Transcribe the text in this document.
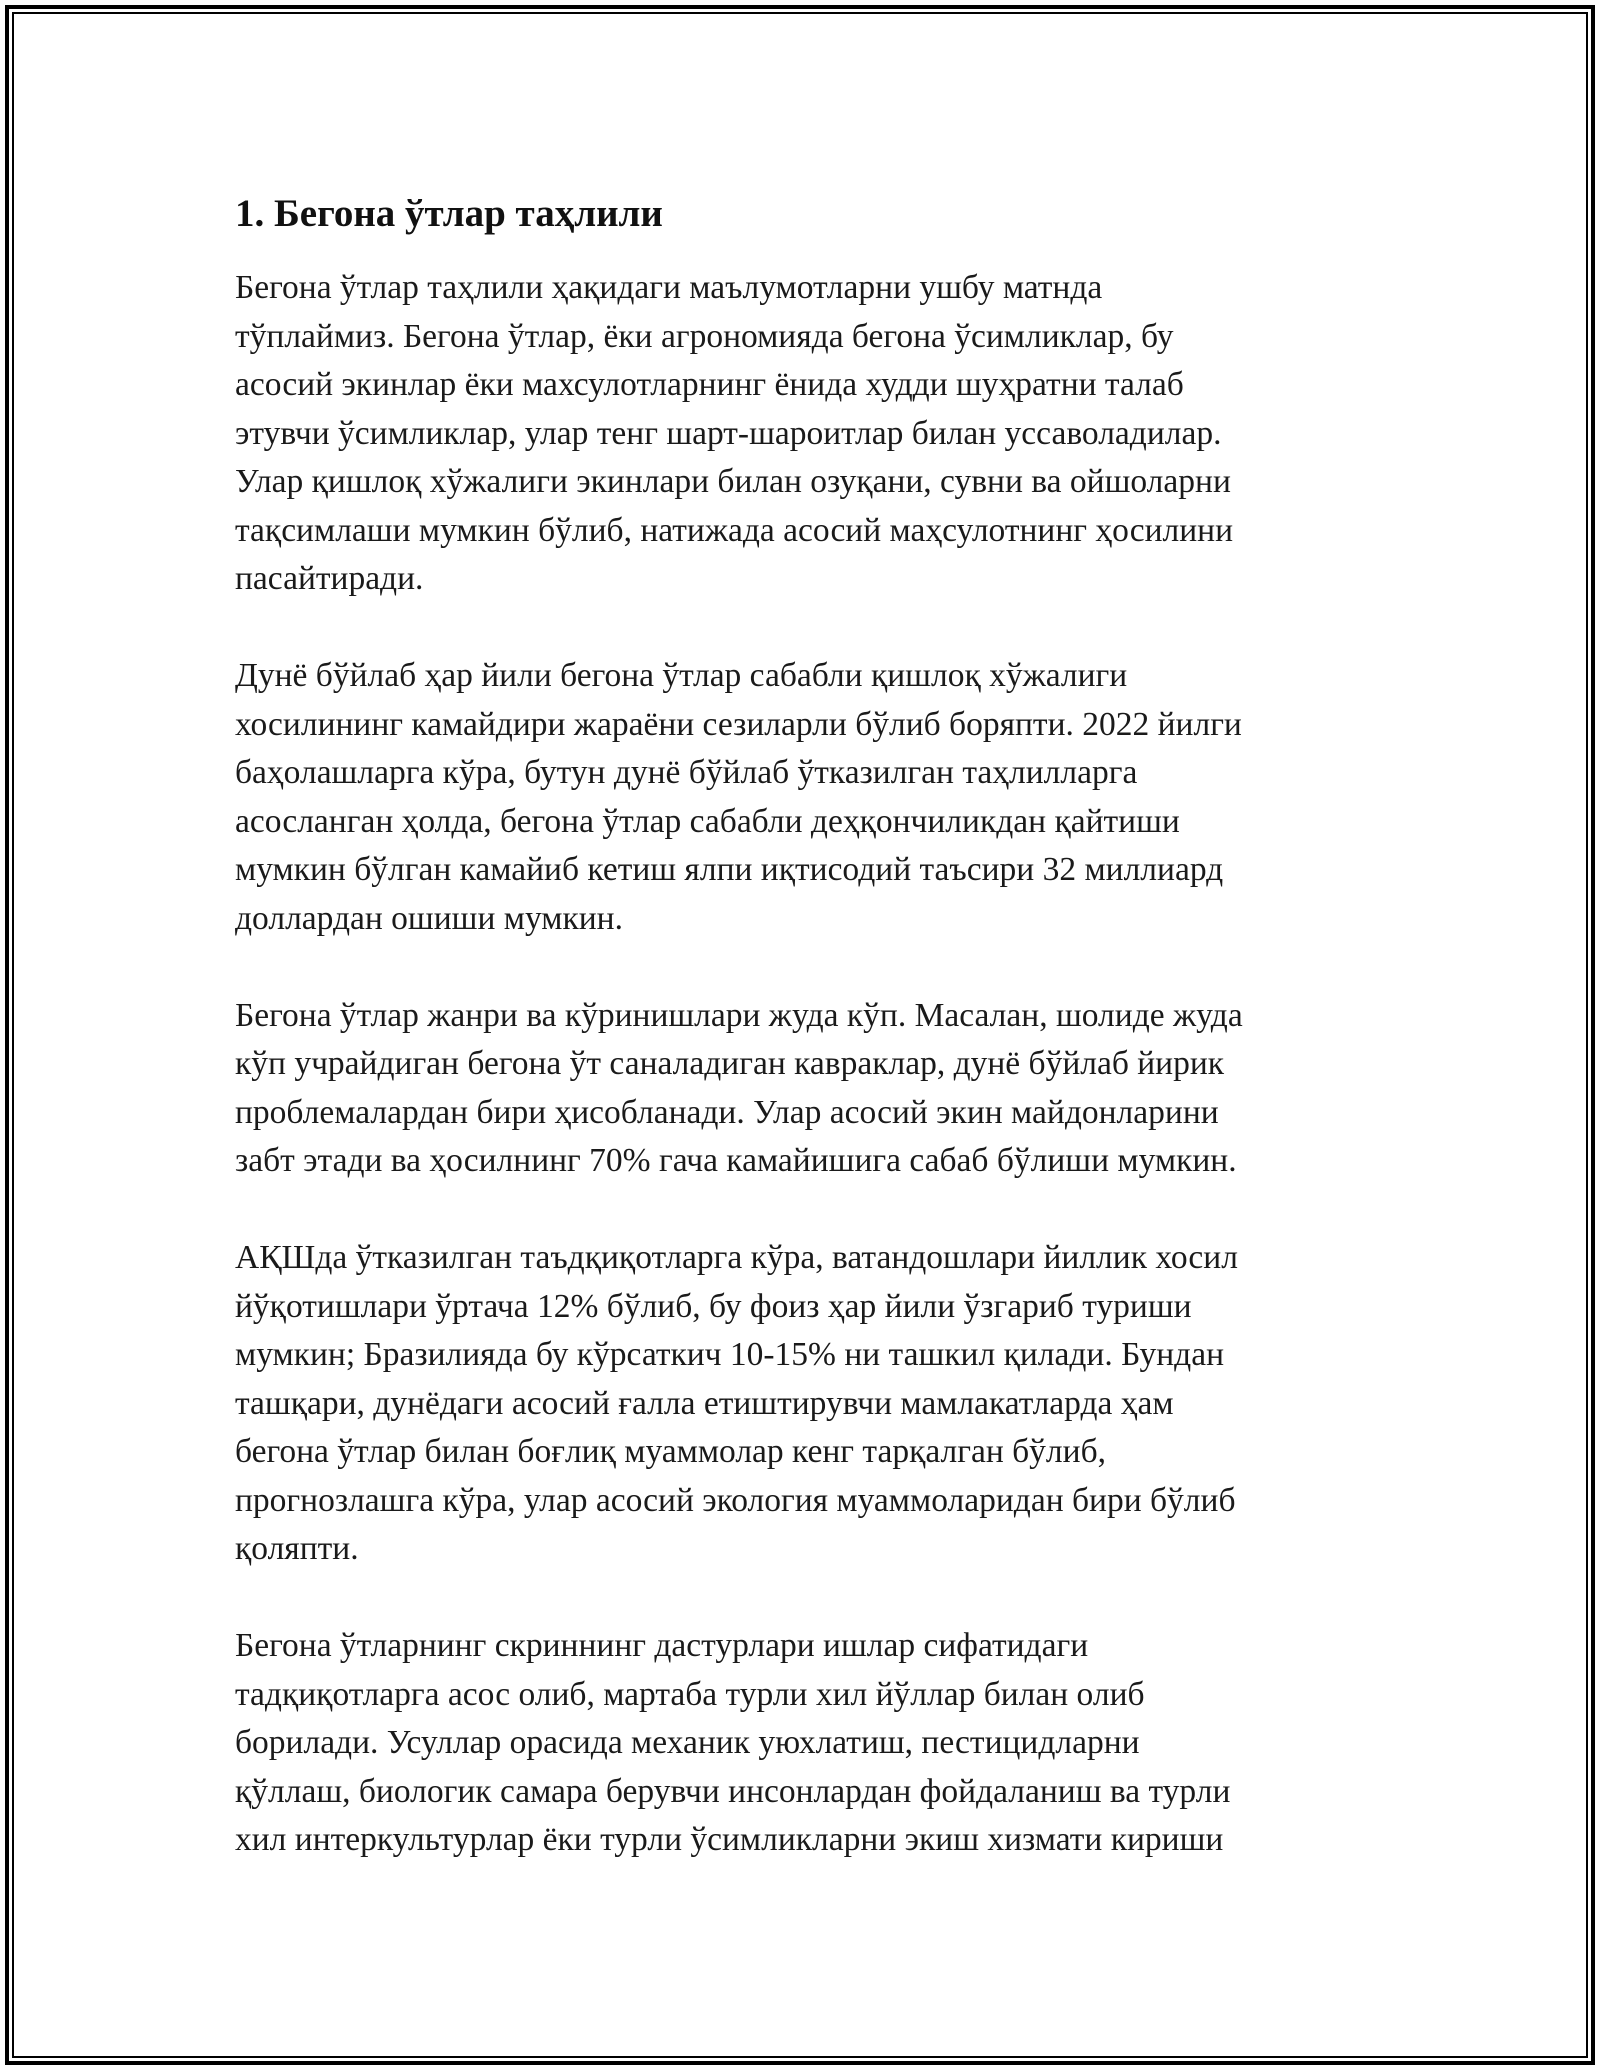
1. Бегона ўтлар таҳлили

Бегона ўтлар таҳлили ҳақидаги маълумотларни ушбу матнда
тўплаймиз. Бегона ўтлар, ёки агрономияда бегона ўсимликлар, бу
асосий экинлар ёки махсулотларнинг ёнида худди шуҳратни талаб
этувчи ўсимликлар, улар тенг шарт-шароитлар билан уссаволадилар.
Улар қишлоқ хўжалиги экинлари билан озуқани, сувни ва ойшоларни
тақсимлаши мумкин бўлиб, натижада асосий маҳсулотнинг ҳосилини
пасайтиради.

Дунё бўйлаб ҳар йили бегона ўтлар сабабли қишлоқ хўжалиги
хосилининг камайдири жараёни сезиларли бўлиб боряпти. 2022 йилги
баҳолашларга кўра, бутун дунё бўйлаб ўтказилган таҳлилларга
асосланган ҳолда, бегона ўтлар сабабли деҳқончиликдан қайтиши
мумкин бўлган камайиб кетиш ялпи иқтисодий таъсири 32 миллиард
доллардан ошиши мумкин.

Бегона ўтлар жанри ва кўринишлари жуда кўп. Масалан, шолиде жуда
кўп учрайдиган бегона ўт саналадиган кавраклар, дунё бўйлаб йирик
проблемалардан бири ҳисобланади. Улар асосий экин майдонларини
забт этади ва ҳосилнинг 70% гача камайишига сабаб бўлиши мумкин.

АҚШда ўтказилган таъдқиқотларга кўра, ватандошлари йиллик хосил
йўқотишлари ўртача 12% бўлиб, бу фоиз ҳар йили ўзгариб туриши
мумкин; Бразилияда бу кўрсаткич 10-15% ни ташкил қилади. Бундан
ташқари, дунёдаги асосий ғалла етиштирувчи мамлакатларда ҳам
бегона ўтлар билан боғлиқ муаммолар кенг тарқалган бўлиб,
прогнозлашга кўра, улар асосий экология муаммоларидан бири бўлиб
қоляпти.

Бегона ўтларнинг скриннинг дастурлари ишлар сифатидаги
тадқиқотларга асос олиб, мартаба турли хил йўллар билан олиб
борилади. Усуллар орасида механик уюхлатиш, пестицидларни
қўллаш, биологик самара берувчи инсонлардан фойдаланиш ва турли
хил интеркультурлар ёки турли ўсимликларни экиш хизмати кириши
